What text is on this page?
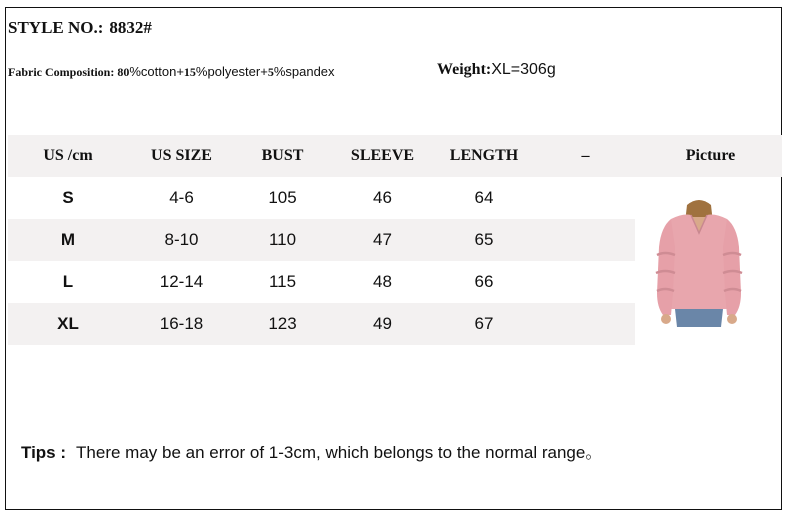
STYLE NO.: 8832#
Fabric Composition: 80%cotton+15%polyester+5%spandex	Weight:XL=306g
US /cm	US SIZE	BUST	SLEEVE	LENGTH	–	Picture
S	4-6	105	46	64
M	8-10	110	47	65
L	12-14	115	48	66
XL	16-18	123	49	67
Tips : There may be an error of 1-3cm, which belongs to the normal range。
